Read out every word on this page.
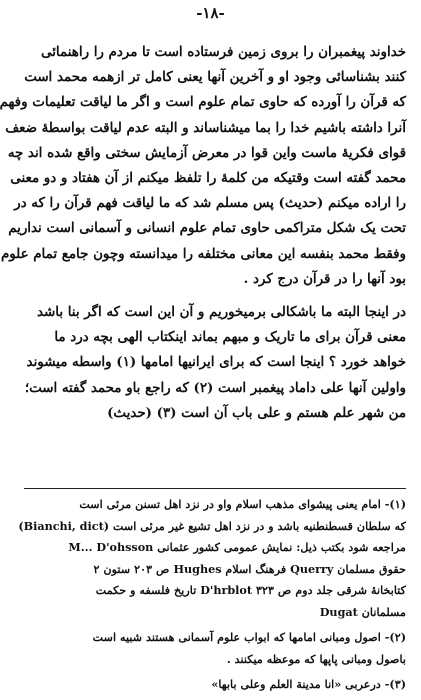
-۱۸-

خداوند پیغمبران را بروی زمین فرستاده است تا مردم را راهنمائی
کنند بشناسائی وجود او و آخرین آنها یعنی کامل تر ازهمه محمد است
که قرآن را آورده که حاوی تمام علوم است و اگر ما لیاقت تعلیمات وفهم
آنرا داشته باشیم خدا را بما میشناساند و البته عدم لیاقت بواسطهٔ ضعف
قوای فکریهٔ ماست واین قوا در معرض آزمایش سختی واقع شده اند چه
محمد گفته است وقتیکه من کلمهٔ را تلفظ میکنم از آن هفتاد و دو معنی
را اراده میکنم (حدیث) پس مسلم شد که ما لیاقت فهم قرآن را که در
تحت یک شکل متراکمی حاوی تمام علوم انسانی و آسمانی است نداریم
وفقط محمد بنفسه این معانی مختلفه را میدانسته وچون جامع تمام علوم
بود آنها را در قرآن درج کرد .

در اینجا البته ما باشکالی برمیخوریم و آن این است که اگر بنا باشد
معنی قرآن برای ما تاریک و مبهم بماند اینکتاب الهی بچه درد ما
خواهد خورد ؟ اینجا است که برای ایرانیها امامها (۱) واسطه میشوند
واولین آنها علی داماد پیغمبر است (۲) که راجع باو محمد گفته است؛
من شهر علم هستم و علی باب آن است (۳) (حدیث)

(۱)- امام یعنی پیشوای مذهب اسلام واو در نزد اهل تسنن مرئی است
که سلطان قسطنطنیه باشد و در نزد اهل تشیع غیر مرئی است (Bianchi, dict)
مراجعه شود بکتب ذیل: نمایش عمومی کشور عثمانی M... D'ohsson
حقوق مسلمان Querry فرهنگ اسلام Hughes ص ۲۰۳ ستون ۲
کتابخانهٔ شرقی جلد دوم ص ۳۲۳ D'hrblot تاریخ فلسفه و حکمت
مسلمانان Dugat
(۲)- اصول ومبانی امامها که ابواب علوم آسمانی هستند شبیه است
باصول ومبانی پاپها که موعظه میکنند .
(۳)- درعربی «انا مدینة العلم وعلی بابها»
